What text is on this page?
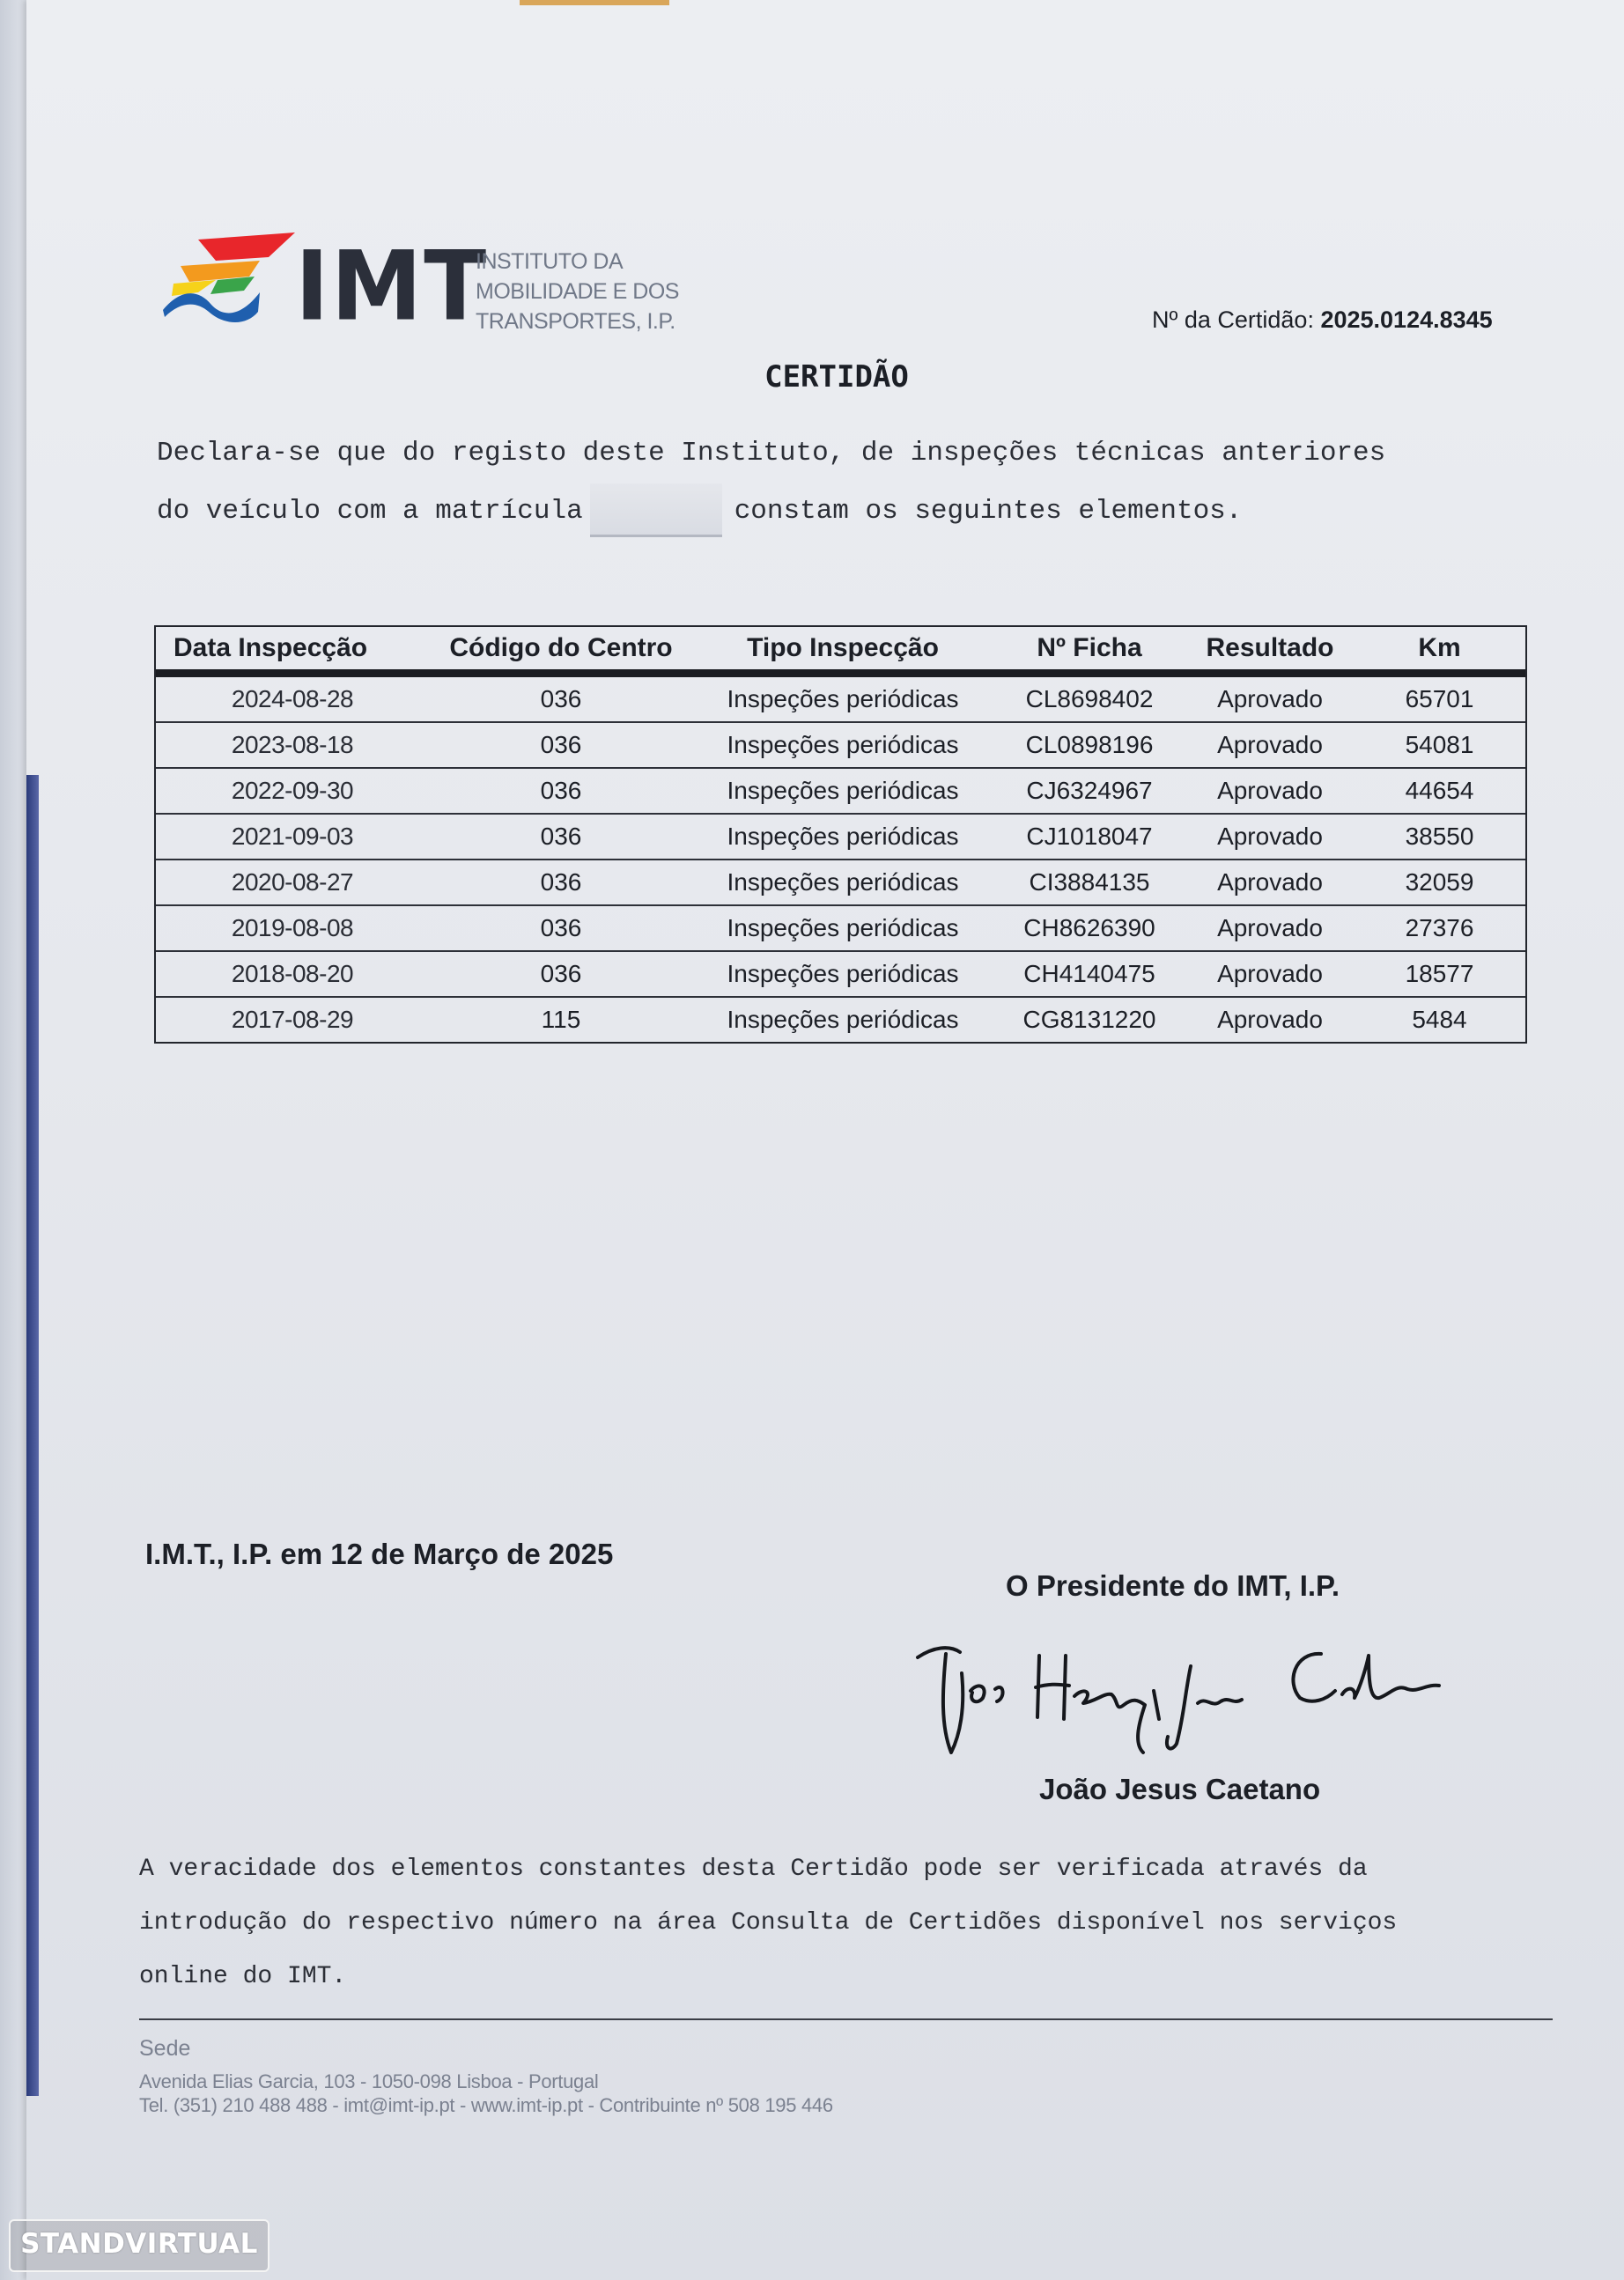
IMT
INSTITUTO DA
MOBILIDADE E DOS
TRANSPORTES, I.P.	Nº da Certidão: 2025.0124.8345
CERTIDÃO
Declara-se que do registo deste Instituto, de inspeções técnicas anteriores
do veículo com a matrícula	constam os seguintes elementos.
Data Inspecção	Código do Centro	Tipo Inspecção	Nº Ficha	Resultado	Km
2024-08-28	036	Inspeções periódicas	CL8698402	Aprovado	65701
2023-08-18	036	Inspeções periódicas	CL0898196	Aprovado	54081
2022-09-30	036	Inspeções periódicas	CJ6324967	Aprovado	44654
2021-09-03	036	Inspeções periódicas	CJ1018047	Aprovado	38550
2020-08-27	036	Inspeções periódicas	CI3884135	Aprovado	32059
2019-08-08	036	Inspeções periódicas	CH8626390	Aprovado	27376
2018-08-20	036	Inspeções periódicas	CH4140475	Aprovado	18577
2017-08-29	115	Inspeções periódicas	CG8131220	Aprovado	5484
I.M.T., I.P. em 12 de Março de 2025
O Presidente do IMT, I.P.
João Jesus Caetano
A veracidade dos elementos constantes desta Certidão pode ser verificada através da
introdução do respectivo número na área Consulta de Certidões disponível nos serviços
online do IMT.
Sede
Avenida Elias Garcia, 103 - 1050-098 Lisboa - Portugal
Tel. (351) 210 488 488 - imt@imt-ip.pt - www.imt-ip.pt - Contribuinte nº 508 195 446
STANDVIRTUAL
